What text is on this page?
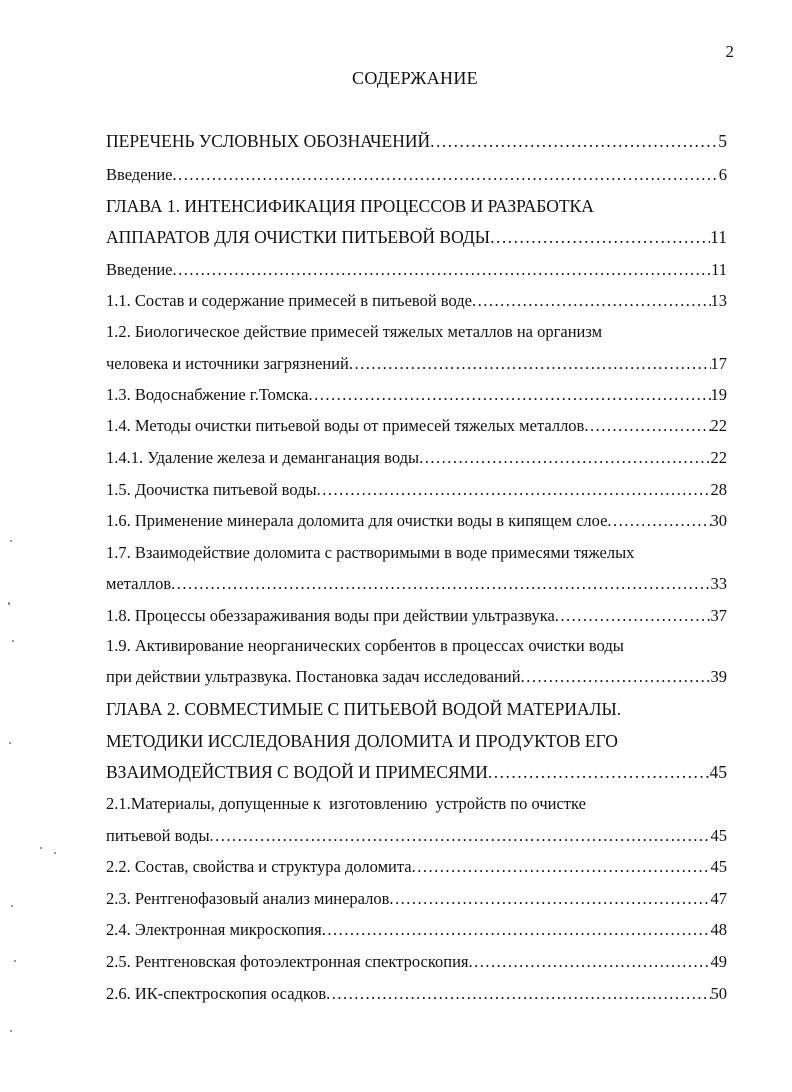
2
СОДЕРЖАНИЕ
ПЕРЕЧЕНЬ УСЛОВНЫХ ОБОЗНАЧЕНИЙ .....	5
Введение .....	6
ГЛАВА 1. ИНТЕНСИФИКАЦИЯ ПРОЦЕССОВ И РАЗРАБОТКА
АППАРАТОВ ДЛЯ ОЧИСТКИ ПИТЬЕВОЙ ВОДЫ .....	11
Введение .....	11
1.1. Состав и содержание примесей в питьевой воде .....	13
1.2. Биологическое действие примесей тяжелых металлов на организм
человека и источники загрязнений .....	17
1.3. Водоснабжение г.Томска .....	19
1.4. Методы очистки питьевой воды от примесей тяжелых металлов .....	22
1.4.1. Удаление железа и деманганация воды .....	22
1.5. Доочистка питьевой воды .....	28
1.6. Применение минерала доломита для очистки воды в кипящем слое .....	30
1.7. Взаимодействие доломита с растворимыми в воде примесями тяжелых
металлов .....	33
1.8. Процессы обеззараживания воды при действии ультразвука .....	37
1.9. Активирование неорганических сорбентов в процессах очистки воды
при действии ультразвука. Постановка задач исследований .....	39
ГЛАВА 2. СОВМЕСТИМЫЕ С ПИТЬЕВОЙ ВОДОЙ МАТЕРИАЛЫ.
МЕТОДИКИ ИССЛЕДОВАНИЯ ДОЛОМИТА И ПРОДУКТОВ ЕГО
ВЗАИМОДЕЙСТВИЯ С ВОДОЙ И ПРИМЕСЯМИ .....	45
2.1.Материалы, допущенные к  изготовлению  устройств по очистке
питьевой воды .....	45
2.2. Состав, свойства и структура доломита .....	45
2.3. Рентгенофазовый анализ минералов .....	47
2.4. Электронная микроскопия .....	48
2.5. Рентгеновская фотоэлектронная спектроскопия .....	49
2.6. ИК-спектроскопия осадков .....	50
